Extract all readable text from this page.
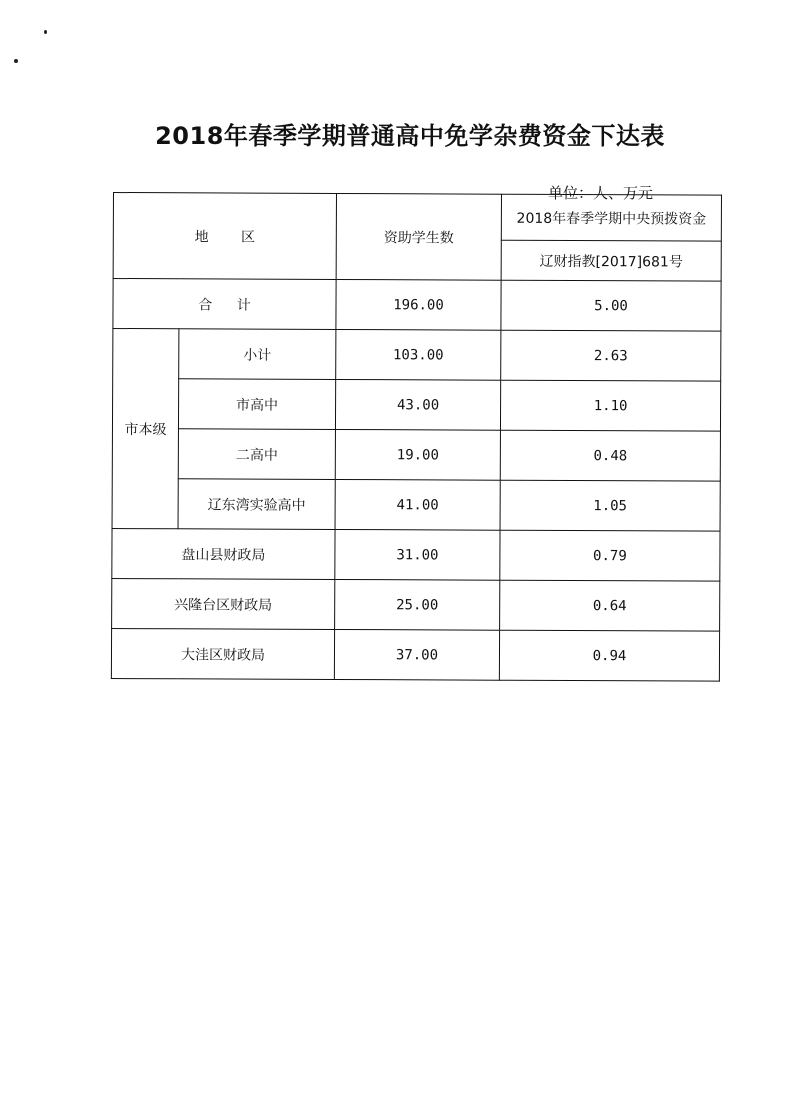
2018年春季学期普通高中免学杂费资金下达表
单位：人、万元
地 区		资助学生数	2018年春季学期中央预拨资金
			辽财指教[2017]681号
合 计		196.00	5.00
市本级	小计	103.00	2.63
	市高中	43.00	1.10
	二高中	19.00	0.48
	辽东湾实验高中	41.00	1.05
盘山县财政局		31.00	0.79
兴隆台区财政局		25.00	0.64
大洼区财政局		37.00	0.94
